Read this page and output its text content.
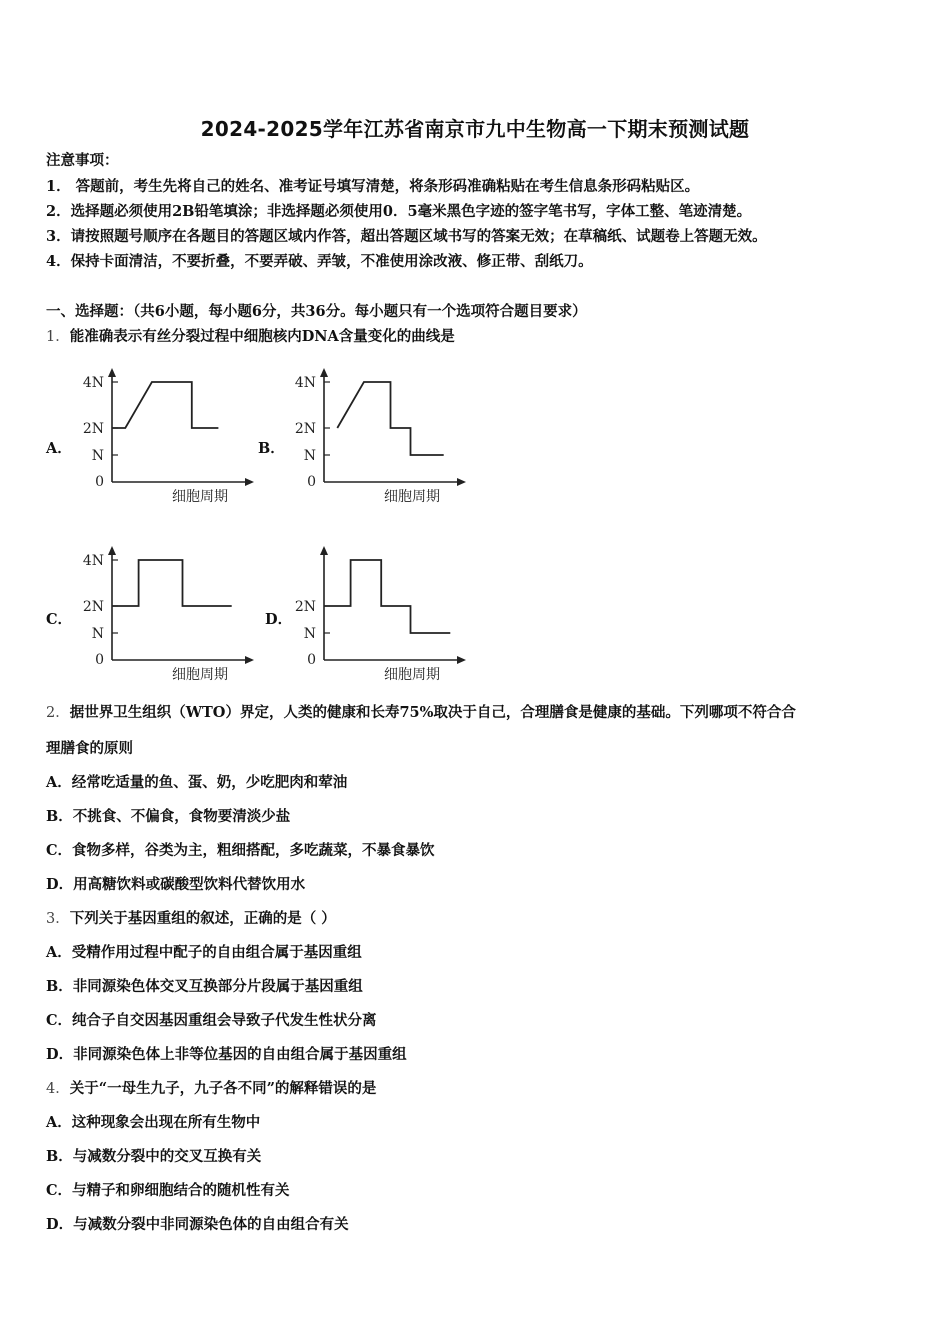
2024-2025学年江苏省南京市九中生物高一下期末预测试题
注意事项：
1． 答题前，考生先将自己的姓名、准考证号填写清楚，将条形码准确粘贴在考生信息条形码粘贴区。
2．选择题必须使用2B铅笔填涂；非选择题必须使用0．5毫米黑色字迹的签字笔书写，字体工整、笔迹清楚。
3．请按照题号顺序在各题目的答题区域内作答，超出答题区域书写的答案无效；在草稿纸、试题卷上答题无效。
4．保持卡面清洁，不要折叠，不要弄破、弄皱，不准使用涂改液、修正带、刮纸刀。
一、选择题：（共6小题，每小题6分，共36分。每小题只有一个选项符合题目要求）
1．能准确表示有丝分裂过程中细胞核内DNA含量变化的曲线是
A．	B．
C．	D．
4N
2N
N
0
细胞周期
4N
2N
N
0
细胞周期
4N
2N
N
0
细胞周期
2N
N
0
细胞周期
2．据世界卫生组织（WTO）界定，人类的健康和长寿75%取决于自己，合理膳食是健康的基础。下列哪项不符合合
理膳食的原则
A．经常吃适量的鱼、蛋、奶，少吃肥肉和荤油
B．不挑食、不偏食，食物要清淡少盐
C．食物多样，谷类为主，粗细搭配，多吃蔬菜，不暴食暴饮
D．用高糖饮料或碳酸型饮料代替饮用水
3．下列关于基因重组的叙述，正确的是（ ）
A．受精作用过程中配子的自由组合属于基因重组
B．非同源染色体交叉互换部分片段属于基因重组
C．纯合子自交因基因重组会导致子代发生性状分离
D．非同源染色体上非等位基因的自由组合属于基因重组
4．关于“一母生九子，九子各不同”的解释错误的是
A．这种现象会出现在所有生物中
B．与减数分裂中的交叉互换有关
C．与精子和卵细胞结合的随机性有关
D．与减数分裂中非同源染色体的自由组合有关
